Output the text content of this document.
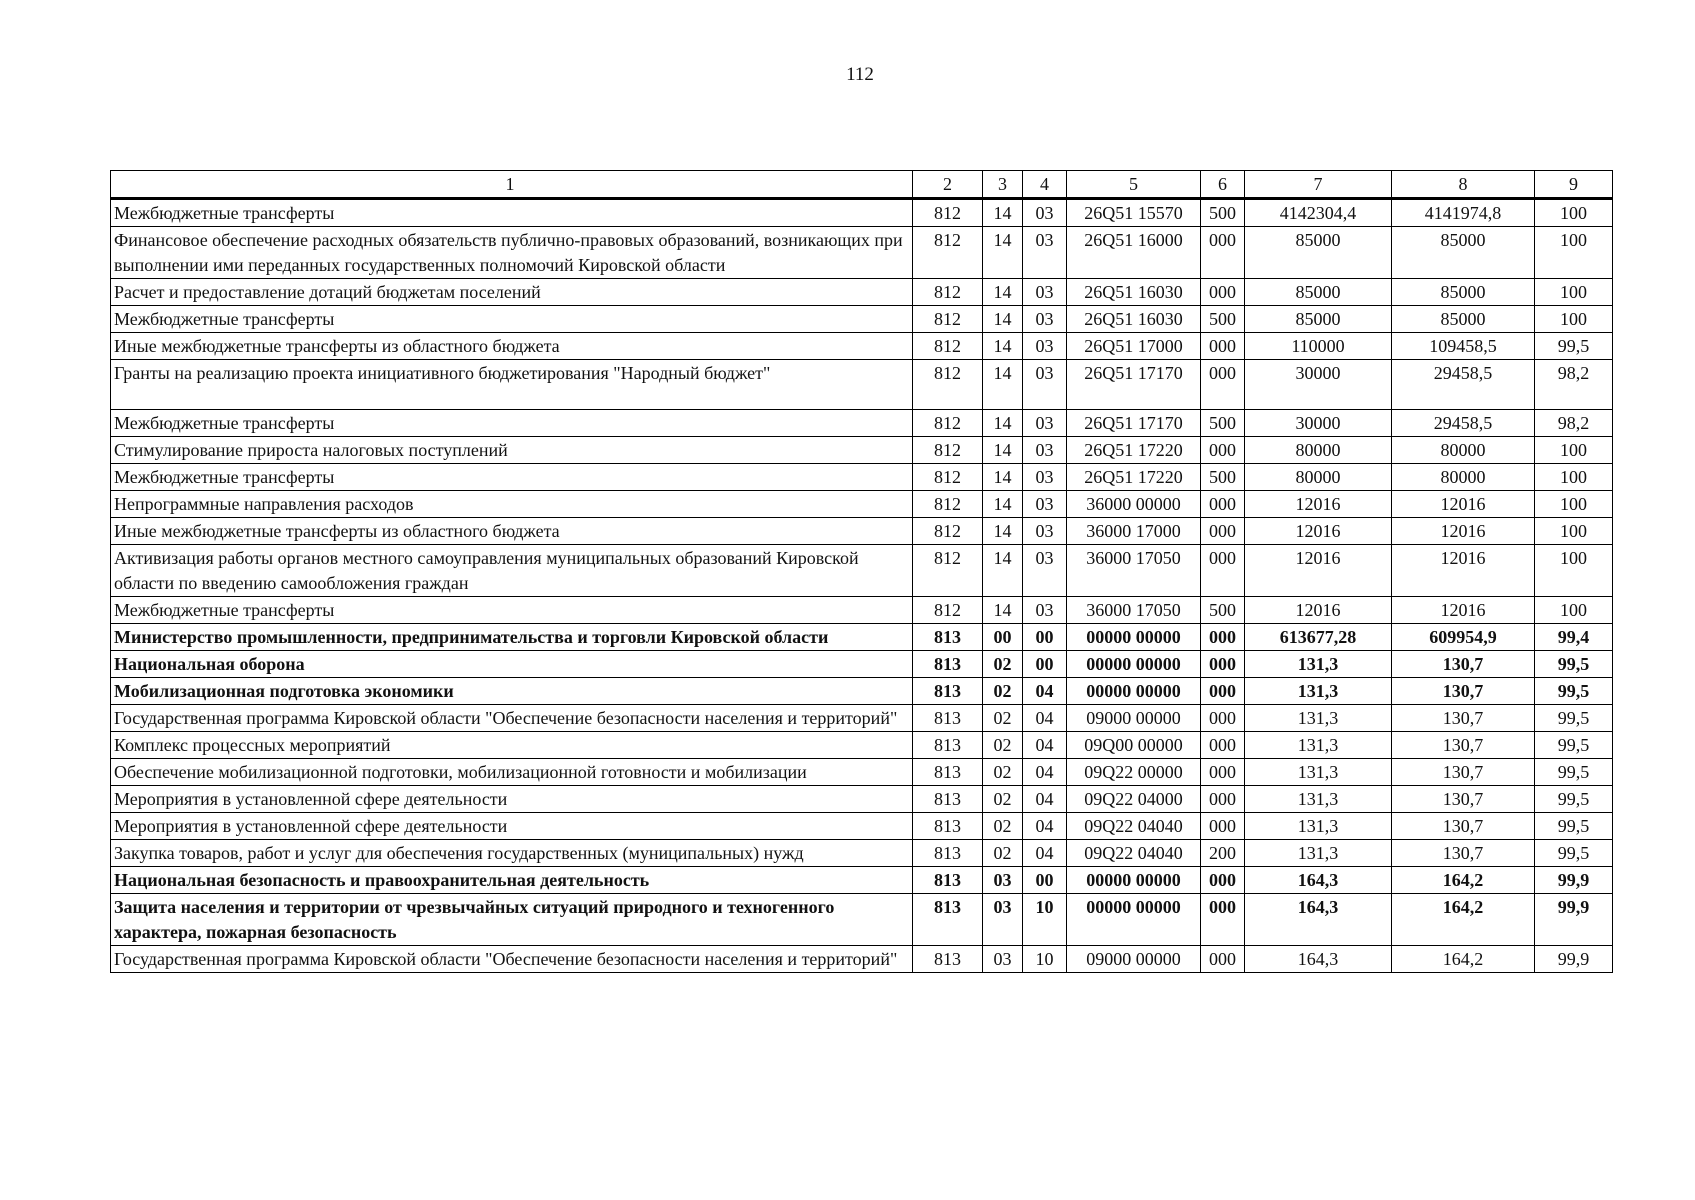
112
1	2	3	4	5	6	7	8	9
Межбюджетные трансферты	812	14	03	26Q51 15570	500	4142304,4	4141974,8	100
Финансовое обеспечение расходных обязательств публично-правовых образований, возникающих при выполнении ими переданных государственных полномочий Кировской области	812	14	03	26Q51 16000	000	85000	85000	100
Расчет и предоставление дотаций бюджетам поселений	812	14	03	26Q51 16030	000	85000	85000	100
Межбюджетные трансферты	812	14	03	26Q51 16030	500	85000	85000	100
Иные межбюджетные трансферты из областного бюджета	812	14	03	26Q51 17000	000	110000	109458,5	99,5
Гранты на реализацию проекта инициативного бюджетирования "Народный бюджет"	812	14	03	26Q51 17170	000	30000	29458,5	98,2
Межбюджетные трансферты	812	14	03	26Q51 17170	500	30000	29458,5	98,2
Стимулирование прироста налоговых поступлений	812	14	03	26Q51 17220	000	80000	80000	100
Межбюджетные трансферты	812	14	03	26Q51 17220	500	80000	80000	100
Непрограммные направления расходов	812	14	03	36000 00000	000	12016	12016	100
Иные межбюджетные трансферты из областного бюджета	812	14	03	36000 17000	000	12016	12016	100
Активизация работы органов местного самоуправления муниципальных образований Кировской области по введению самообложения граждан	812	14	03	36000 17050	000	12016	12016	100
Межбюджетные трансферты	812	14	03	36000 17050	500	12016	12016	100
Министерство промышленности, предпринимательства и торговли Кировской области	813	00	00	00000 00000	000	613677,28	609954,9	99,4
Национальная оборона	813	02	00	00000 00000	000	131,3	130,7	99,5
Мобилизационная подготовка экономики	813	02	04	00000 00000	000	131,3	130,7	99,5
Государственная программа Кировской области "Обеспечение безопасности населения и территорий"	813	02	04	09000 00000	000	131,3	130,7	99,5
Комплекс процессных мероприятий	813	02	04	09Q00 00000	000	131,3	130,7	99,5
Обеспечение мобилизационной подготовки, мобилизационной готовности и мобилизации	813	02	04	09Q22 00000	000	131,3	130,7	99,5
Мероприятия в установленной сфере деятельности	813	02	04	09Q22 04000	000	131,3	130,7	99,5
Мероприятия в установленной сфере деятельности	813	02	04	09Q22 04040	000	131,3	130,7	99,5
Закупка товаров, работ и услуг для обеспечения государственных (муниципальных) нужд	813	02	04	09Q22 04040	200	131,3	130,7	99,5
Национальная безопасность и правоохранительная деятельность	813	03	00	00000 00000	000	164,3	164,2	99,9
Защита населения и территории от чрезвычайных ситуаций природного и техногенного характера, пожарная безопасность	813	03	10	00000 00000	000	164,3	164,2	99,9
Государственная программа Кировской области "Обеспечение безопасности населения и территорий"	813	03	10	09000 00000	000	164,3	164,2	99,9
